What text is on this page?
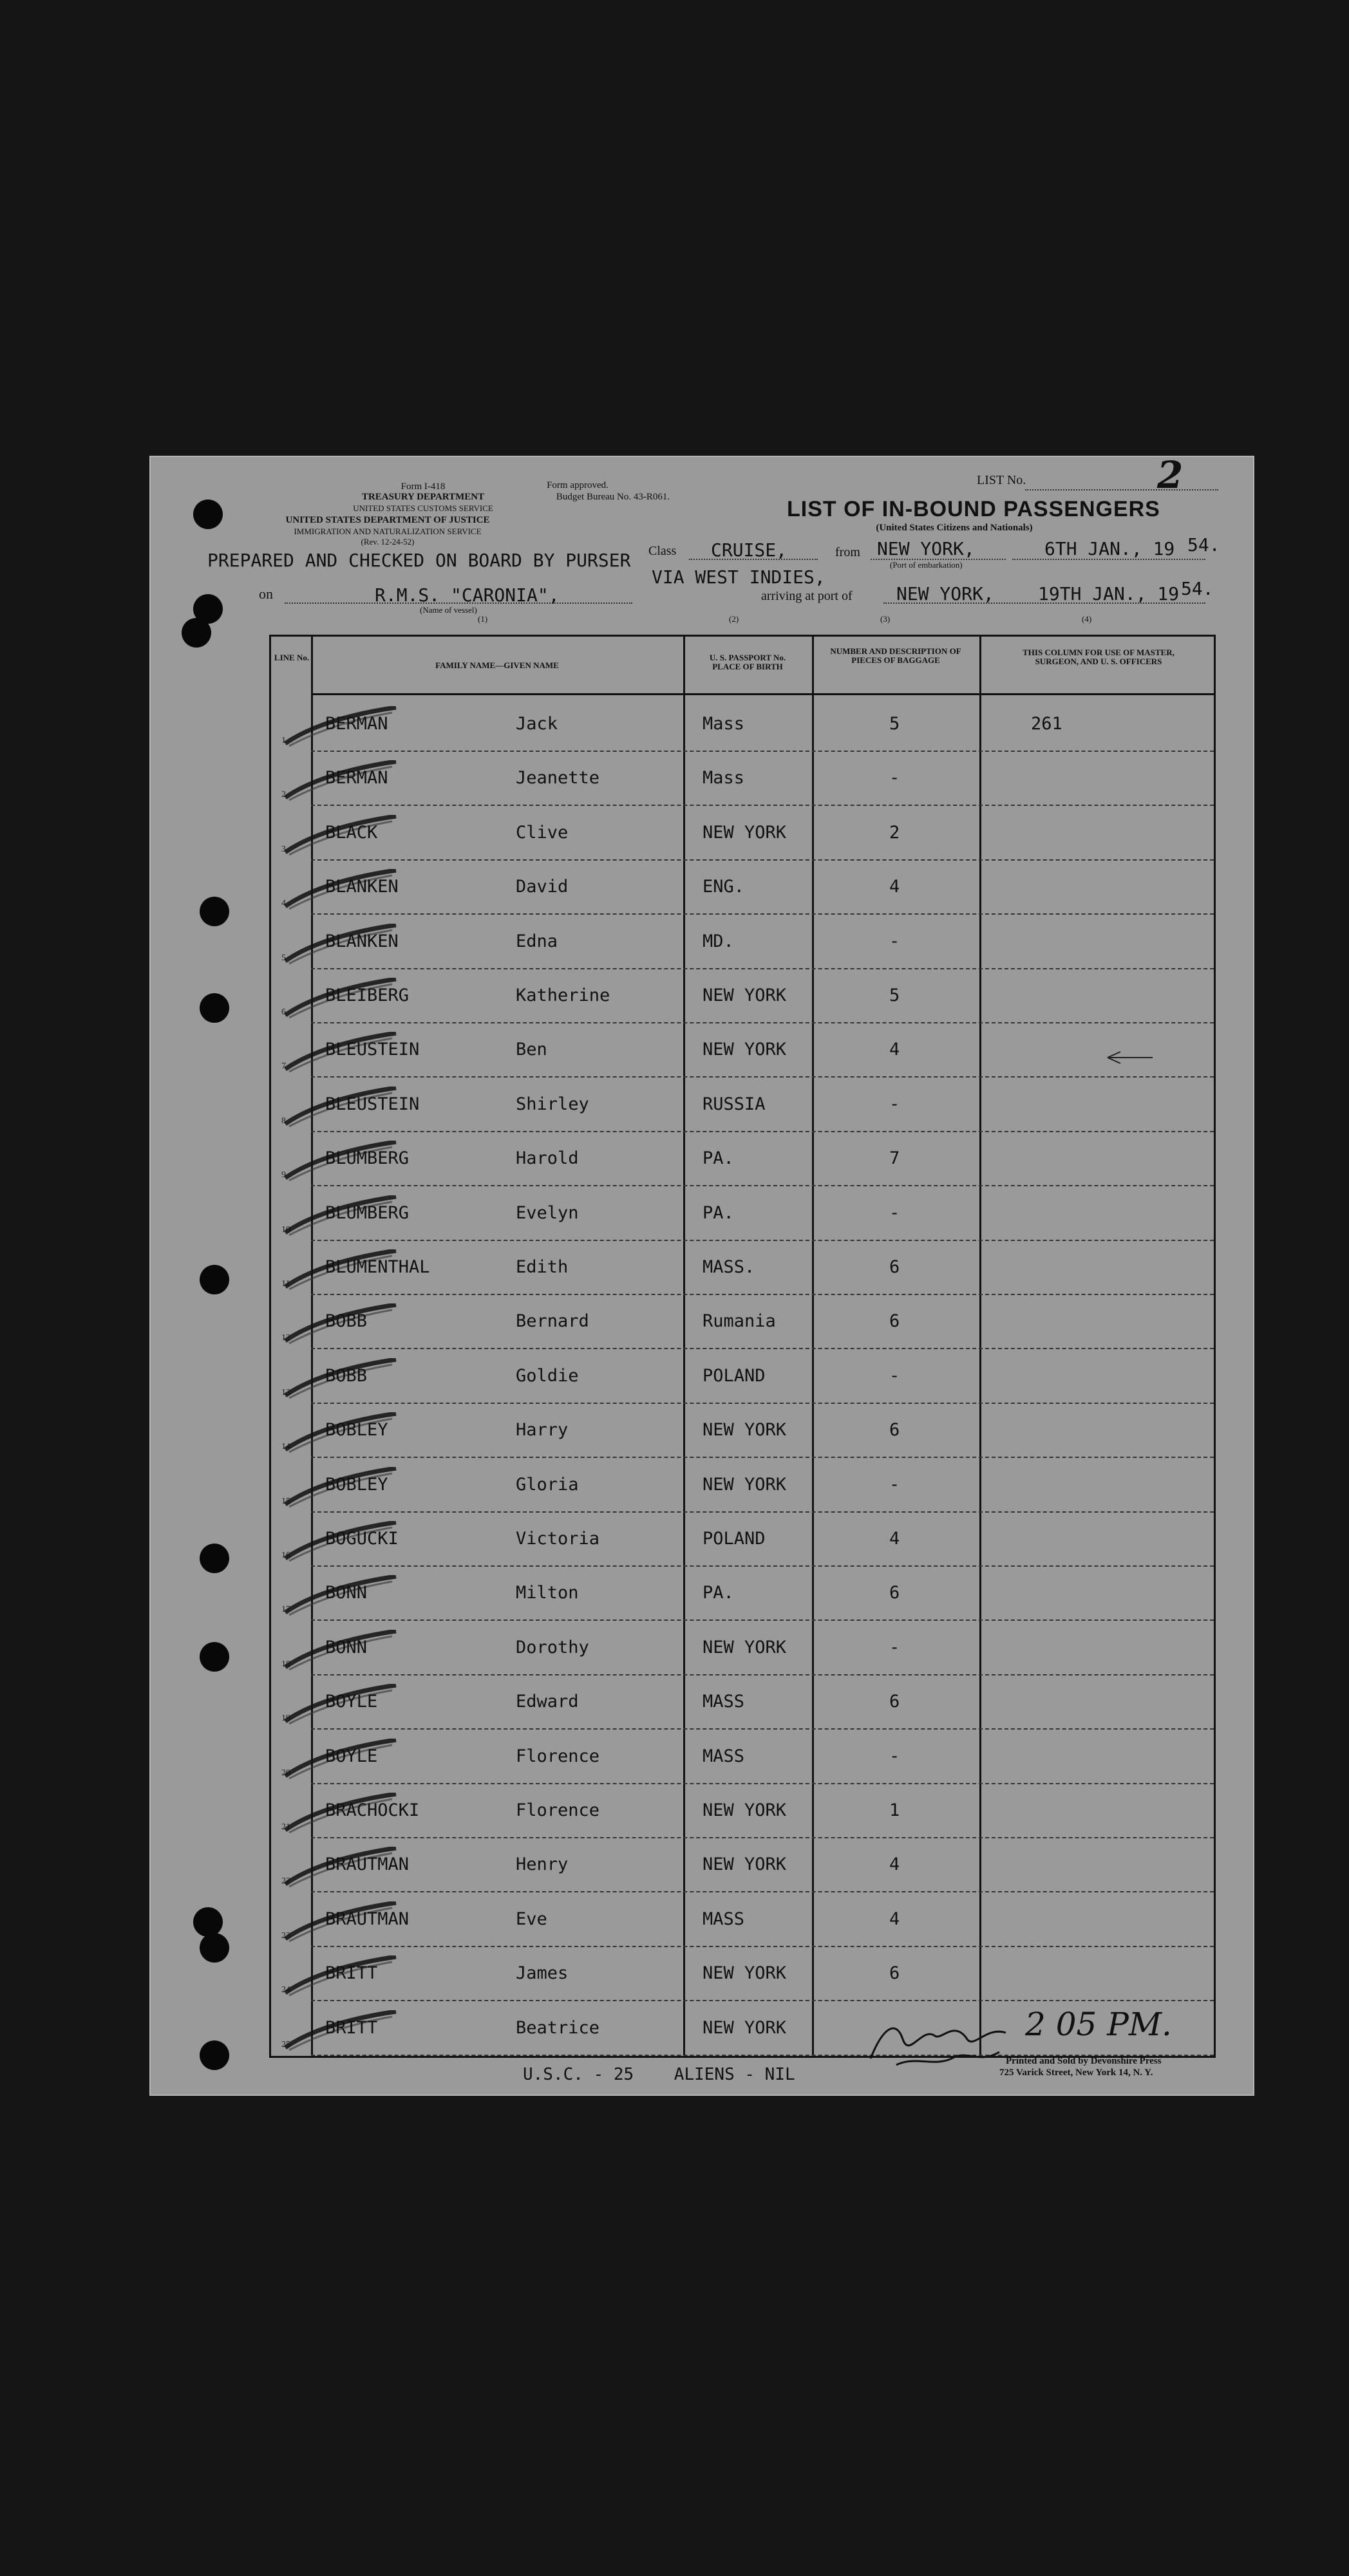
Form I-418
TREASURY DEPARTMENT
UNITED STATES CUSTOMS SERVICE
Form approved.
Budget Bureau No. 43-R061.
UNITED STATES DEPARTMENT OF JUSTICE
IMMIGRATION AND NATURALIZATION SERVICE
(Rev. 12-24-52)
LIST No.	2
LIST OF IN-BOUND PASSENGERS
(United States Citizens and Nationals)
PREPARED AND CHECKED ON BOARD BY PURSER Class CRUISE,	from NEW YORK,	6TH JAN., 19 54.
(Port of embarkation)
VIA WEST INDIES,
on	R.M.S. "CARONIA",
(Name of vessel)
arriving at port of NEW YORK, 19TH JAN., 19 54.
(1)	(2)	(3)	(4)
LINE No.
FAMILY NAME—GIVEN NAME
U. S. PASSPORT No. PLACE OF BIRTH
NUMBER AND DESCRIPTION OF PIECES OF BAGGAGE
THIS COLUMN FOR USE OF MASTER, SURGEON, AND U. S. OFFICERS
1
BERMAN	Jack	Mass	5	261
2
BERMAN	Jeanette	Mass	-
3
BLACK	Clive	NEW YORK	2
4
BLANKEN	David	ENG.	4
5
BLANKEN	Edna	MD.	-
6
BLEIBERG	Katherine	NEW YORK	5
7
BLEUSTEIN	Ben	NEW YORK	4
8
BLEUSTEIN	Shirley	RUSSIA	-
9
BLUMBERG	Harold	PA.	7
10
BLUMBERG	Evelyn	PA.	-
11
BLUMENTHAL	Edith	MASS.	6
12
BOBB	Bernard	Rumania	6
13
BOBB	Goldie	POLAND	-
14
BOBLEY	Harry	NEW YORK	6
15
BOBLEY	Gloria	NEW YORK	-
16
BOGUCKI	Victoria	POLAND	4
17
BONN	Milton	PA.	6
18
BONN	Dorothy	NEW YORK	-
19
BOYLE	Edward	MASS	6
20
BOYLE	Florence	MASS	-
21
BRACHOCKI	Florence	NEW YORK	1
22
BRAUTMAN	Henry	NEW YORK	4
23
BRAUTMAN	Eve	MASS	4
24
BRITT	James	NEW YORK	6
25
BRITT	Beatrice	NEW YORK
U.S.C. - 25    ALIENS - NIL
Printed and Sold by Devonshire Press
725 Varick Street, New York 14, N. Y.
2 05 PM.
